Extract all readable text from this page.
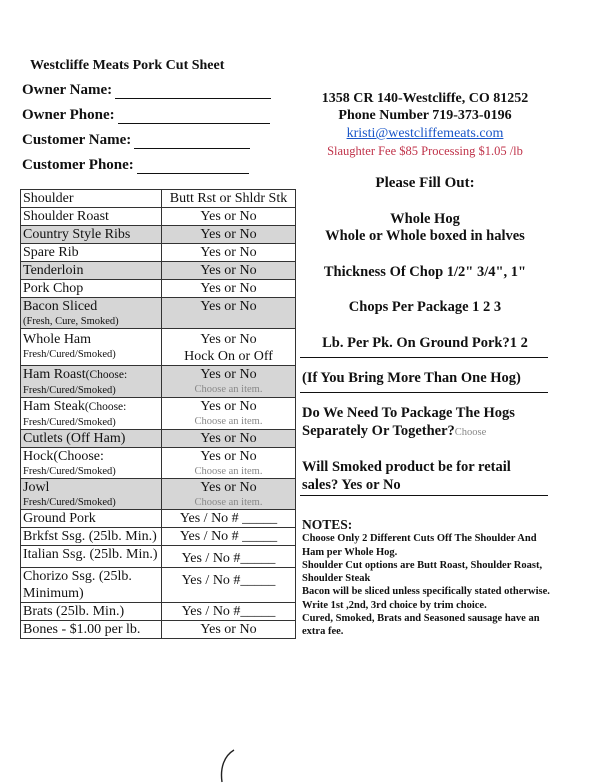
Westcliffe Meats Pork Cut Sheet
Owner Name:
Owner Phone:
Customer Name:
Customer Phone:
1358 CR 140-Westcliffe, CO 81252
Phone Number 719-373-0196
kristi@westcliffemeats.com
Slaughter Fee $85 Processing $1.05 /lb
Shoulder	Butt Rst or Shldr Stk
Shoulder Roast	Yes or No
Country Style Ribs	Yes or No
Spare Rib	Yes or No
Tenderloin	Yes or No
Pork Chop	Yes or No
Bacon Sliced
(Fresh, Cure, Smoked)	Yes or No

Whole Ham
Fresh/Cured/Smoked)	Yes or No
Hock On or Off

Ham Roast(Choose:
Fresh/Cured/Smoked)	Yes or No
Choose an item.

Ham Steak(Choose:
Fresh/Cured/Smoked)	Yes or No
Choose an item.

Cutlets (Off Ham)	Yes or No
Hock(Choose:
Fresh/Cured/Smoked)	Yes or No
Choose an item.

Jowl
Fresh/Cured/Smoked)	Yes or No
Choose an item.

Ground Pork	Yes / No # _____
Brkfst Ssg. (25lb. Min.)	Yes / No # _____
Italian Ssg. (25lb. Min.)	Yes / No #_____
Chorizo Ssg. (25lb. Minimum)	Yes / No #_____
Brats (25lb. Min.)	Yes / No #_____
Bones - $1.00 per lb.	Yes or No
Please Fill Out:
Whole Hog
Whole or Whole boxed in halves
Thickness Of Chop 1/2" 3/4", 1"
Chops Per Package 1 2 3
Lb. Per Pk. On Ground Pork?1 2
(If You Bring More Than One Hog)
Do We Need To Package The Hogs
Separately Or Together?Choose
Will Smoked product be for retail
sales? Yes or No
NOTES:
Choose Only 2 Different Cuts Off The Shoulder And Ham per Whole Hog.
Shoulder Cut options are Butt Roast, Shoulder Roast, Shoulder Steak
Bacon will be sliced unless specifically stated otherwise.
Write 1st ,2nd, 3rd choice by trim choice.
Cured, Smoked, Brats and Seasoned sausage have an extra fee.
